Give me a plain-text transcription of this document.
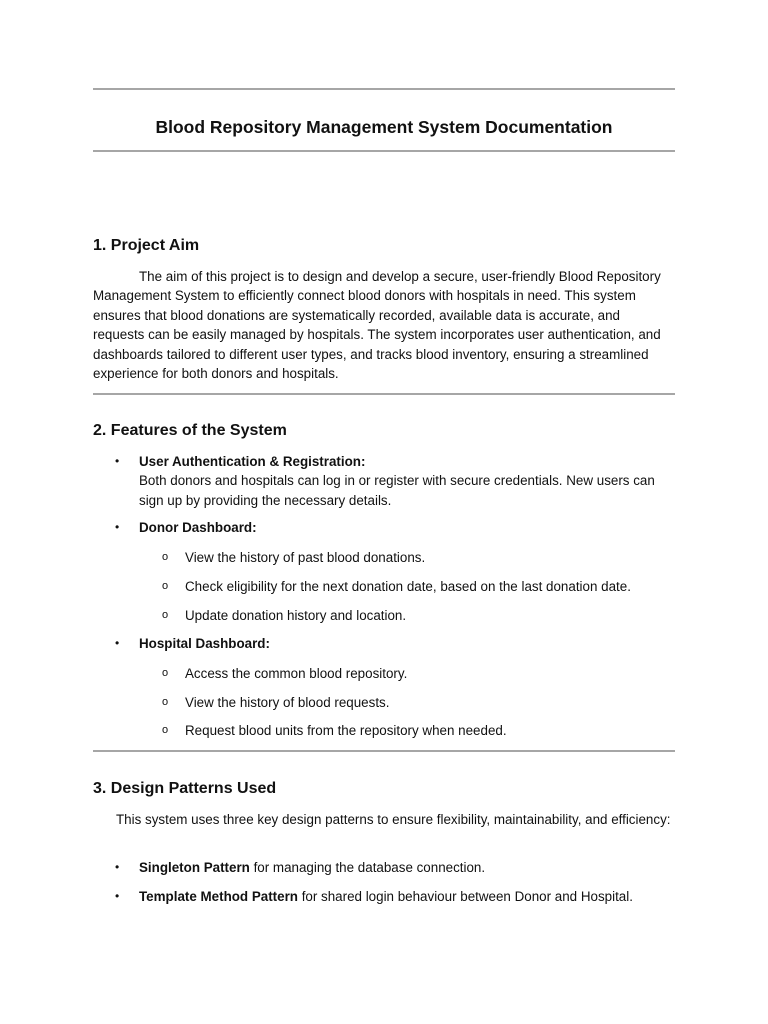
Blood Repository Management System Documentation
1. Project Aim
The aim of this project is to design and develop a secure, user-friendly Blood Repository Management System to efficiently connect blood donors with hospitals in need. This system ensures that blood donations are systematically recorded, available data is accurate, and requests can be easily managed by hospitals. The system incorporates user authentication, and dashboards tailored to different user types, and tracks blood inventory, ensuring a streamlined experience for both donors and hospitals.
2. Features of the System
•	User Authentication & Registration:
Both donors and hospitals can log in or register with secure credentials. New users can sign up by providing the necessary details.
•	Donor Dashboard:
o View the history of past blood donations.
o Check eligibility for the next donation date, based on the last donation date.
o Update donation history and location.
•	Hospital Dashboard:
o Access the common blood repository.
o View the history of blood requests.
o Request blood units from the repository when needed.
3. Design Patterns Used
This system uses three key design patterns to ensure flexibility, maintainability, and efficiency:
•	Singleton Pattern for managing the database connection.
•	Template Method Pattern for shared login behaviour between Donor and Hospital.
